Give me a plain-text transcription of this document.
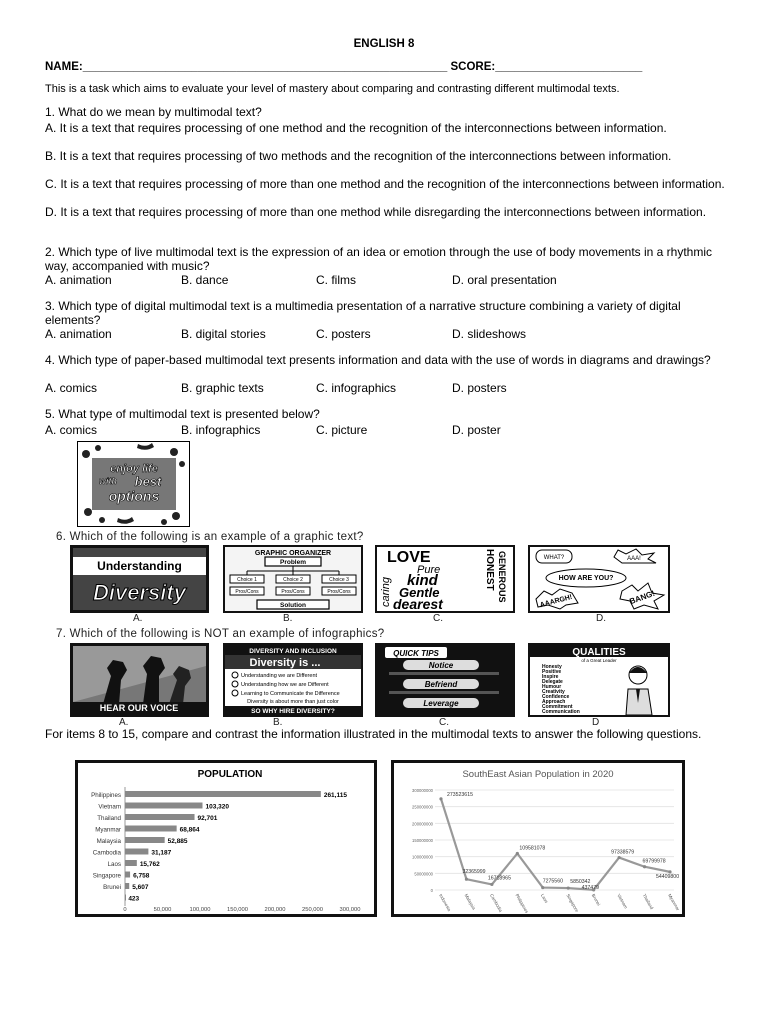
ENGLISH 8
NAME:_________________________________________________________ SCORE:_______________________
This is a task which aims to evaluate your level of mastery about comparing and contrasting different multimodal texts.
1. What do we mean by multimodal text?
A. It is a text that requires processing of one method and the recognition of the interconnections between information.
B. It is a text that requires processing of two methods and the recognition of the interconnections between information.
C. It is a text that requires processing of more than one method and the recognition of the interconnections between information.
D. It is a text that requires processing of more than one method while disregarding the interconnections between information.
2. Which type of live multimodal text is the expression of an idea or emotion through the use of body movements in a rhythmic way, accompanied with music?
A. animation	B. dance	C. films	D. oral presentation
3. Which type of digital multimodal text is a multimedia presentation of a narrative structure combining a variety of digital elements?
A. animation	B. digital stories	C. posters	D. slideshows
4. Which type of paper-based multimodal text presents information and data with the use of words in diagrams and drawings?
A. comics	B. graphic texts	C. infographics	D. posters
5. What type of multimodal text is presented below?
A. comics	B. infographics	C. picture	D. poster
enjoy life
with best
options
6. Which of the following is an example of a graphic text?
Understanding
Diversity
A.
GRAPHIC ORGANIZER
Problem
Choice 1	Choice 2	Choice 3
Pros/Cons	Pros/Cons	Pros/Cons
Solution
B.
LOVE
Pure
kind
Gentle
dearest
caring
HONEST GENEROUS
C.
WHAT?	AAA!
HOW ARE YOU?
AAARGH!	BANG!
D.
7. Which of the following is NOT an example of infographics?
HEAR OUR VOICE
A.
DIVERSITY AND INCLUSION
Diversity is ...
Understanding we are Different
Understanding how we are Different
Learning to Communicate the Difference
Diversity is about more than just color
SO WHY HIRE DIVERSITY?
B.
QUICK TIPS
Notice
Befriend
Leverage
C.
QUALITIES
of a Great Leader
Honesty
Positive
Inspire
Delegate
Humour
Creativity
Confidence
Approach
Commitment
Communication
D
For items 8 to 15, compare and contrast the information illustrated in the multimodal texts to answer the following questions.
POPULATION
Philippines	261,115
Vietnam	103,320
Thailand	92,701
Myanmar	68,864
Malaysia	52,885
Cambodia	31,187
Laos	15,762
Singapore 6,758
Brunei 5,607
423
0	50,000	100,000	150,000	200,000	250,000	300,000
SouthEast Asian Population in 2020
0
50000000
100000000
150000000
200000000
250000000
300000000
273523615
Indonesia
32365999
Malaysia
16718965
Cambodia
109581078
Philippines
7275560
Laos
5850342
Singapore
437479
Brunei
97338579
Vietnam
69799978
Thailand
54409800
Myanmar
